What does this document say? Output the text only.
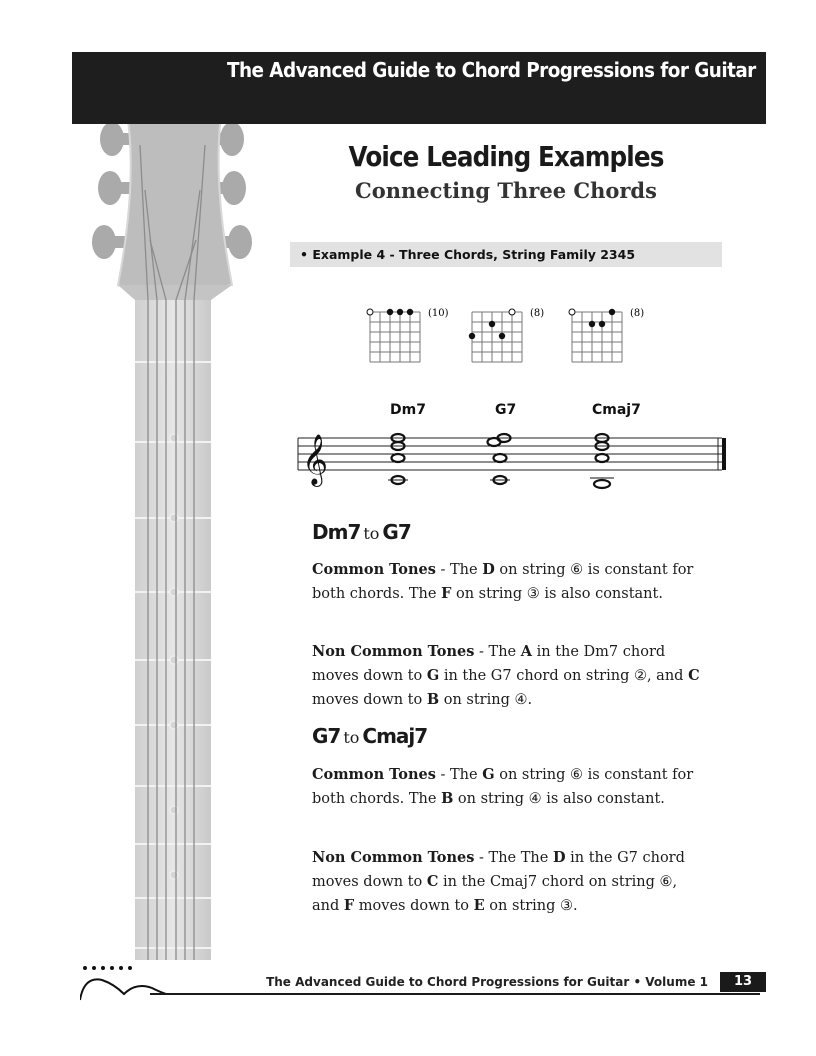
The Advanced Guide to Chord Progressions for Guitar
Voice Leading Examples
Connecting Three Chords
• Example 4 - Three Chords, String Family 2345
(10)	(8)	(8)
Dm7	G7	Cmaj7
𝄞
Dm7 to G7
Common Tones - The D on string ⑥ is constant for both chords. The F on string ③ is also constant.
Non Common Tones - The A in the Dm7 chord moves down to G in the G7 chord on string ②, and C moves down to B on string ④.
G7 to Cmaj7
Common Tones - The G on string ⑥ is constant for both chords. The B on string ④ is also constant.
Non Common Tones - The The D in the G7 chord moves down to C in the Cmaj7 chord on string ⑥, and F moves down to E on string ③.
The Advanced Guide to Chord Progressions for Guitar • Volume 1	13
